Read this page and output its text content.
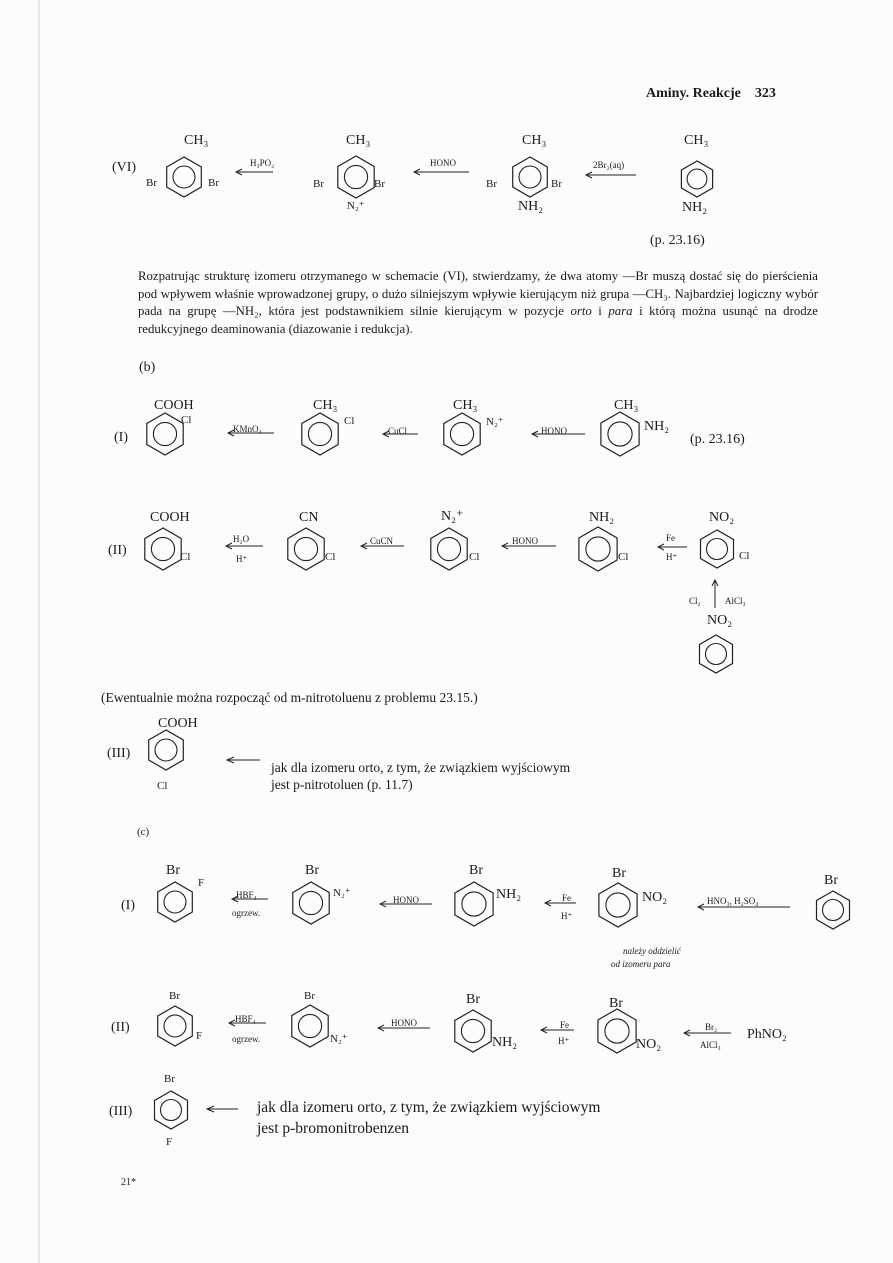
Aminy. Reakcje 323
(VI)
CH₃
Br	Br
H₃PO₂
CH₃
Br	Br
N₂⁺
HONO
CH₃
Br	Br
NH₂
2Br₂(aq)
CH₃
NH₂
(p. 23.16)
Rozpatrując strukturę izomeru otrzymanego w schemacie (VI), stwierdzamy, że dwa atomy —Br muszą dostać się do pierścienia pod wpływem właśnie wprowadzonej grupy, o dużo silniejszym wpływie kierującym niż grupa —CH₃. Najbardziej logiczny wybór pada na grupę —NH₂, która jest podstawnikiem silnie kierującym w pozycje orto i para i którą można usunąć na drodze redukcyjnego deaminowania (diazowanie i redukcja).
(b)
(I)
COOH
Cl
KMnO₄
CH₃
Cl
CuCl
CH₃
N₂⁺
HONO
CH₃
NH₂
(p. 23.16)
(II)
COOH
Cl
H₂O
H⁺
CN
Cl
CuCN
N₂⁺
Cl
HONO
NH₂
Cl
Fe
H⁺
NO₂
Cl
Cl₂	AlCl₃
NO₂
(Ewentualnie można rozpocząć od m-nitrotoluenu z problemu 23.15.)
(III)
COOH
Cl
jak dla izomeru orto, z tym, że związkiem wyjściowym
jest p-nitrotoluen (p. 11.7)
(c)
(I)
Br
F
HBF₄
ogrzew.
Br
N₂⁺
HONO
Br
NH₂	Fe
H⁺
Br
NO₂
należy oddzielić
od izomeru para
HNO₃, H₂SO₄
Br
(II)
Br
F
HBF₄
ogrzew.
Br
N₂⁺
HONO
Br
NH₂
Fe
H⁺
Br
NO₂
Br₂
AlCl₃
PhNO₂
(III)
Br
F
jak dla izomeru orto, z tym, że związkiem wyjściowym
jest p-bromonitrobenzen
21*
